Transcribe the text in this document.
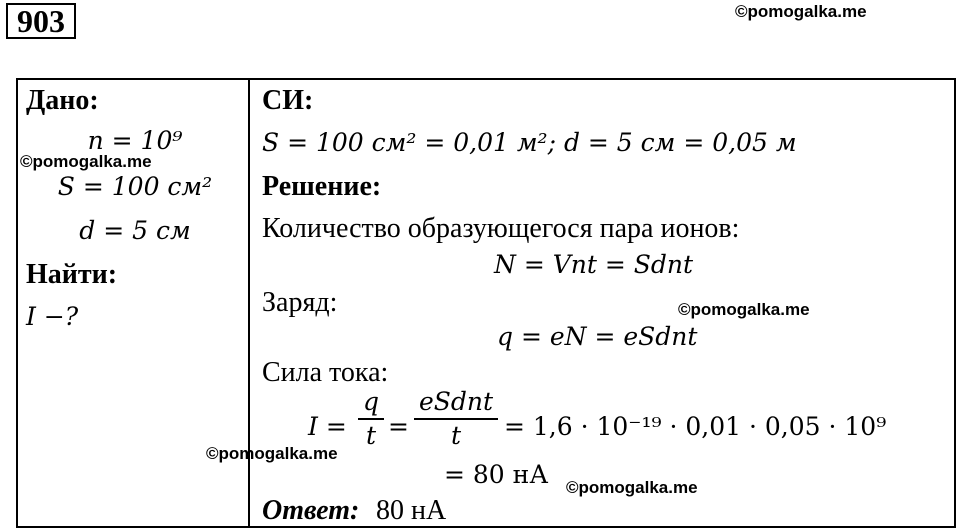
903	©pomogalka.me
Дано:
n = 10⁹
S = 100 см²
d = 5 см
Найти:
I −?
СИ:
S = 100 см² = 0,01 м²; d = 5 см = 0,05 м
Решение:
Количество образующегося пара ионов:
N = Vnt = Sdnt
Заряд:
q = eN = eSdnt
Сила тока:
I =
q
t =
eSdnt
t = 1,6 · 10⁻¹⁹ · 0,01 · 0,05 · 10⁹
= 80 нА
Ответ: 80 нА
©pomogalka.me
©pomogalka.me
©pomogalka.me
©pomogalka.me
